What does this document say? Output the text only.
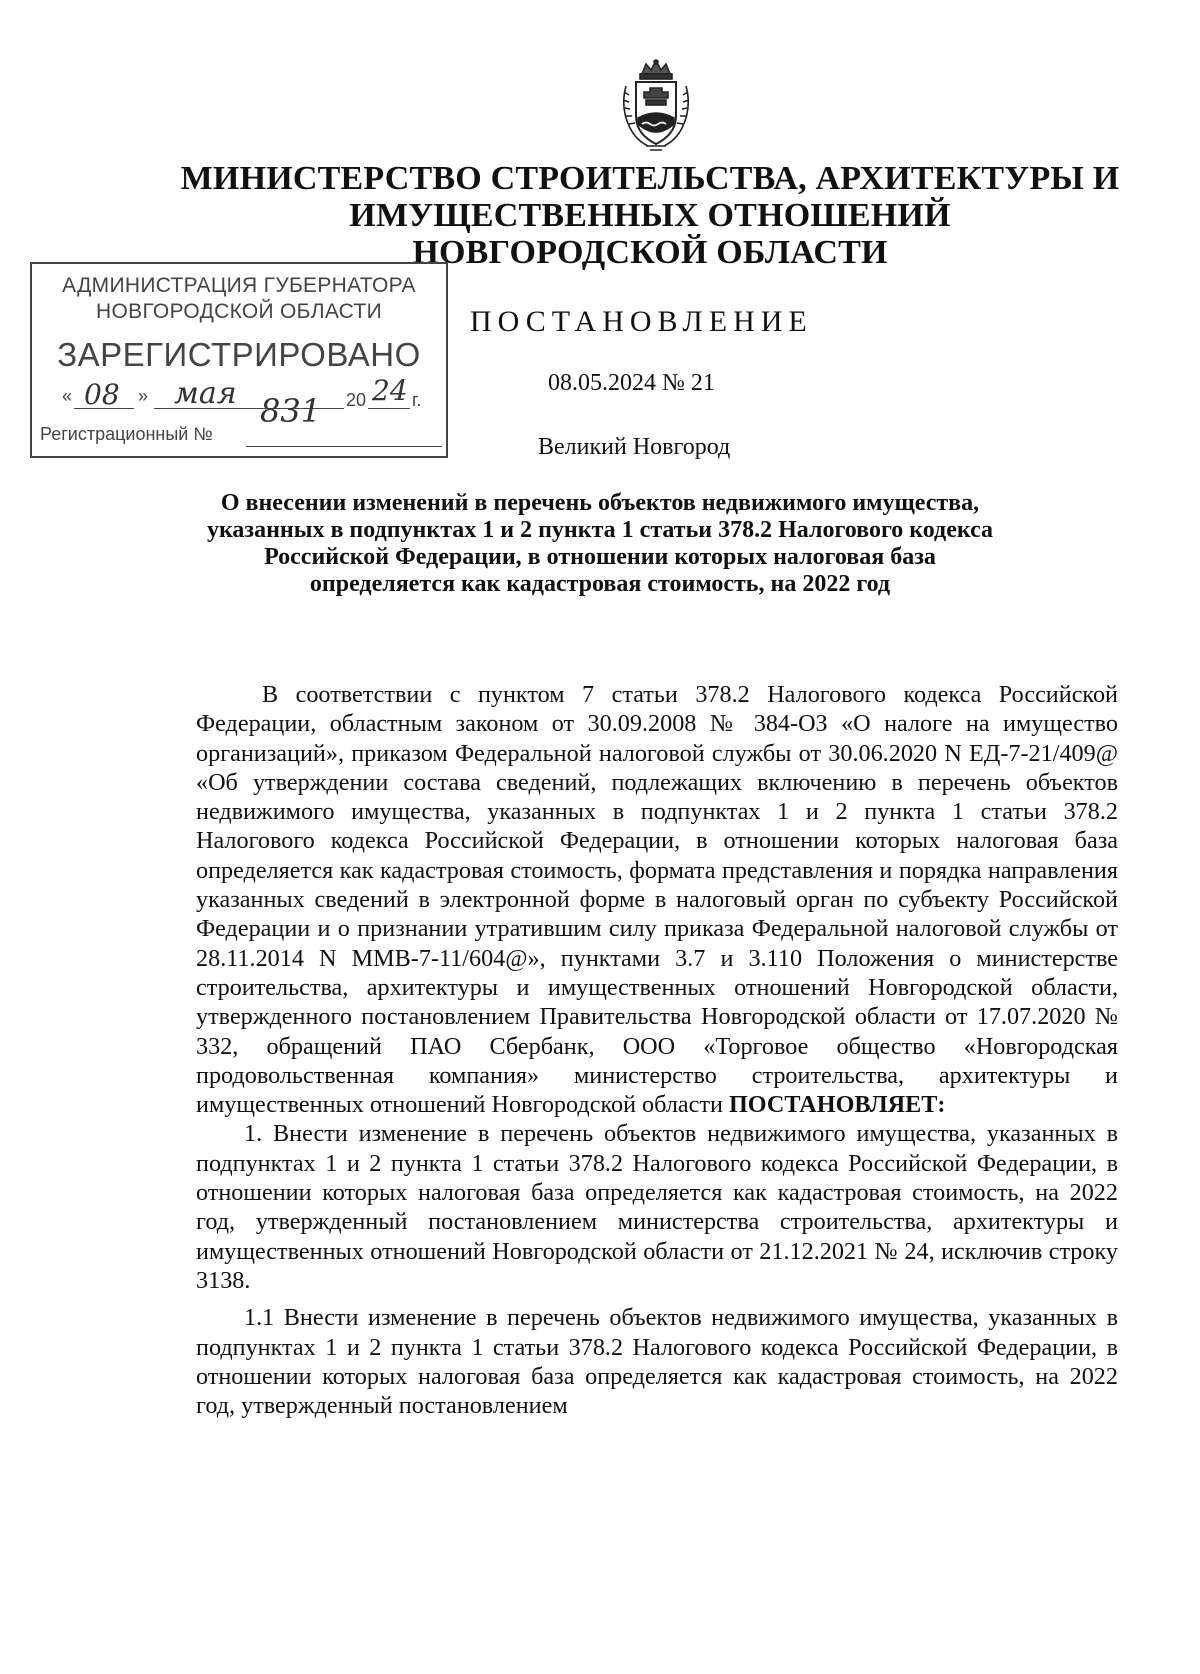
МИНИСТЕРСТВО СТРОИТЕЛЬСТВА, АРХИТЕКТУРЫ И
ИМУЩЕСТВЕННЫХ ОТНОШЕНИЙ
НОВГОРОДСКОЙ ОБЛАСТИ
АДМИНИСТРАЦИЯ ГУБЕРНАТОРА
НОВГОРОДСКОЙ ОБЛАСТИ
ЗАРЕГИСТРИРОВАНО
« 08 » мая	20 24 г.
Регистрационный №
831
ПОСТАНОВЛЕНИЕ
08.05.2024 № 21
Великий Новгород
О внесении изменений в перечень объектов недвижимого имущества,
указанных в подпунктах 1 и 2 пункта 1 статьи 378.2 Налогового кодекса
Российской Федерации, в отношении которых налоговая база
определяется как кадастровая стоимость, на 2022 год

В соответствии с пунктом 7 статьи 378.2 Налогового кодекса Российской Федерации, областным законом от 30.09.2008 № 384-ОЗ «О налоге на имущество организаций», приказом Федеральной налоговой службы от 30.06.2020 N ЕД-7-21/409@ «Об утверждении состава сведений, подлежащих включению в перечень объектов недвижимого имущества, указанных в подпунктах 1 и 2 пункта 1 статьи 378.2 Налогового кодекса Российской Федерации, в отношении которых налоговая база определяется как кадастровая стоимость, формата представления и порядка направления указанных сведений в электронной форме в налоговый орган по субъекту Российской Федерации и о признании утратившим силу приказа Федеральной налоговой службы от 28.11.2014 N ММВ-7-11/604@», пунктами 3.7 и 3.110 Положения о министерстве строительства, архитектуры и имущественных отношений Новгородской области, утвержденного постановлением Правительства Новгородской области от 17.07.2020 № 332, обращений ПАО Сбербанк, ООО «Торговое общество «Новгородская продовольственная компания» министерство строительства, архитектуры и имущественных отношений Новгородской области ПОСТАНОВЛЯЕТ:

1. Внести изменение в перечень объектов недвижимого имущества, указанных в подпунктах 1 и 2 пункта 1 статьи 378.2 Налогового кодекса Российской Федерации, в отношении которых налоговая база определяется как кадастровая стоимость, на 2022 год, утвержденный постановлением министерства строительства, архитектуры и имущественных отношений Новгородской области от 21.12.2021 № 24, исключив строку 3138.

1.1 Внести изменение в перечень объектов недвижимого имущества, указанных в подпунктах 1 и 2 пункта 1 статьи 378.2 Налогового кодекса Российской Федерации, в отношении которых налоговая база определяется как кадастровая стоимость, на 2022 год, утвержденный постановлением
